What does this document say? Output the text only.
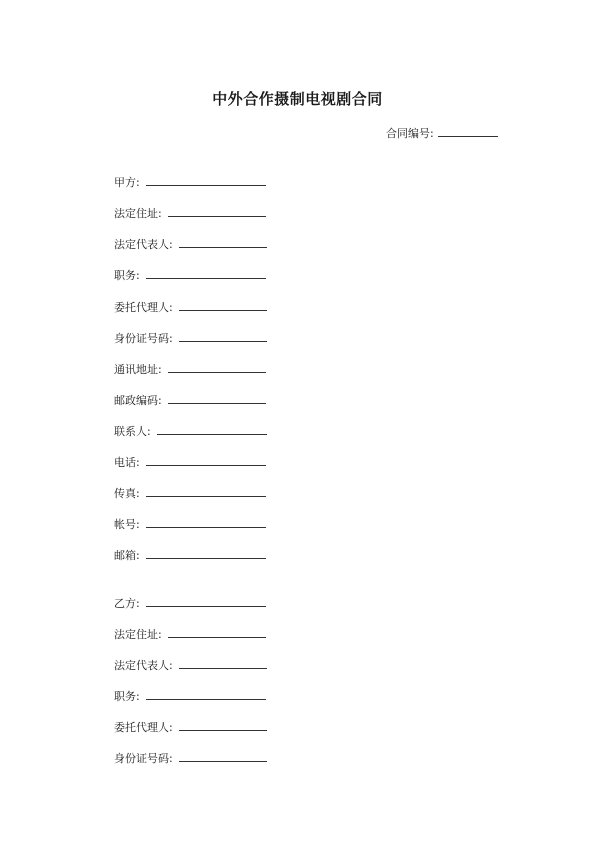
中外合作摄制电视剧合同
合同编号:
甲方:
法定住址:
法定代表人:
职务:
委托代理人:
身份证号码:
通讯地址:
邮政编码:
联系人:
电话:
传真:
帐号:
邮箱:
乙方:
法定住址:
法定代表人:
职务:
委托代理人:
身份证号码:
